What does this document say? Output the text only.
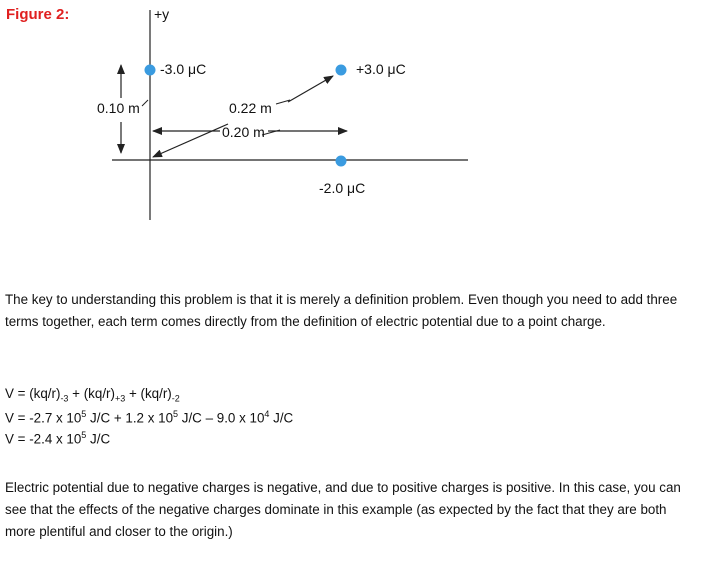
Figure 2:	+y
-3.0 μC	+3.0 μC
-2.0 μC
0.10 m	0.22 m
0.20 m
The key to understanding this problem is that it is merely a definition problem. Even though you need to add three terms together, each term comes directly from the definition of electric potential due to a point charge.
$V = (kq/r)_{-3} + (kq/r)_{+3} + (kq/r)_{-2}$
V = -2.7 x $10^5$ J/C + 1.2 x $10^5$ J/C – 9.0 x $10^4$ J/C
V = -2.4 x $10^5$ J/C
Electric potential due to negative charges is negative, and due to positive charges is positive. In this case, you can see that the effects of the negative charges dominate in this example (as expected by the fact that they are both more plentiful and closer to the origin.)
